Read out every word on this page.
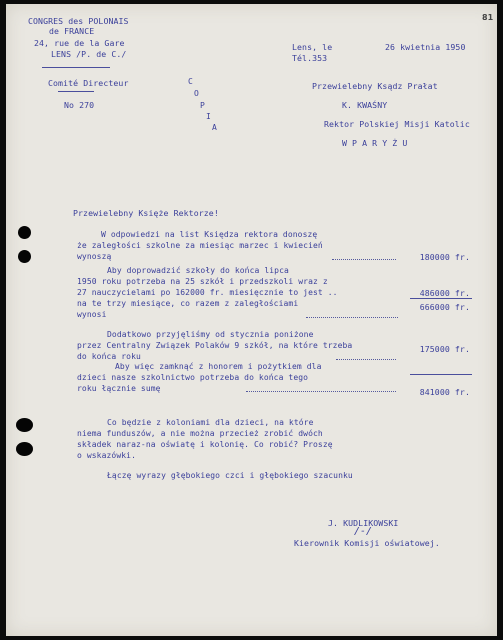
81
CONGRES des POLONAIS
de FRANCE
24, rue de la Gare
LENS /P. de C./
Comité Directeur
No 270
C
O
P
I
A
Lens, le	26 kwietnia 1950
Tél.353
Przewielebny Ksądz Prałat
K. KWAŚNY
Rektor Polskiej Misji Katolic
W P A R Y Ż U
Przewielebny Księże Rektorze!
W odpowiedzi na list Księdza rektora donoszę
że zaległości szkolne za miesiąc marzec i kwiecień
wynoszą	180000 fr.
Aby doprowadzić szkoły do końca lipca
1950 roku potrzeba na 25 szkół i przedszkoli wraz z
27 nauczycielami po 162000 fr. miesięcznie to jest ..	486000 fr.
na te trzy miesiące, co razem z zaległościami
wynosi
666000 fr.
Dodatkowo przyjęliśmy od stycznia poniżone
przez Centralny Związek Polaków 9 szkół, na które trzeba
do końca roku
175000 fr.
Aby więc zamknąć z honorem i pożytkiem dla
dzieci nasze szkolnictwo potrzeba do końca tego
roku łącznie sumę	841000 fr.
Co będzie z koloniami dla dzieci, na które
niema funduszów, a nie można przecież zrobić dwóch
składek naraz-na oświatę i kolonię. Co robić? Proszę
o wskazówki.
Łączę wyrazy głębokiego czci i głębokiego szacunku
J. KUDLIKOWSKI
/-/
Kierownik Komisji oświatowej.
